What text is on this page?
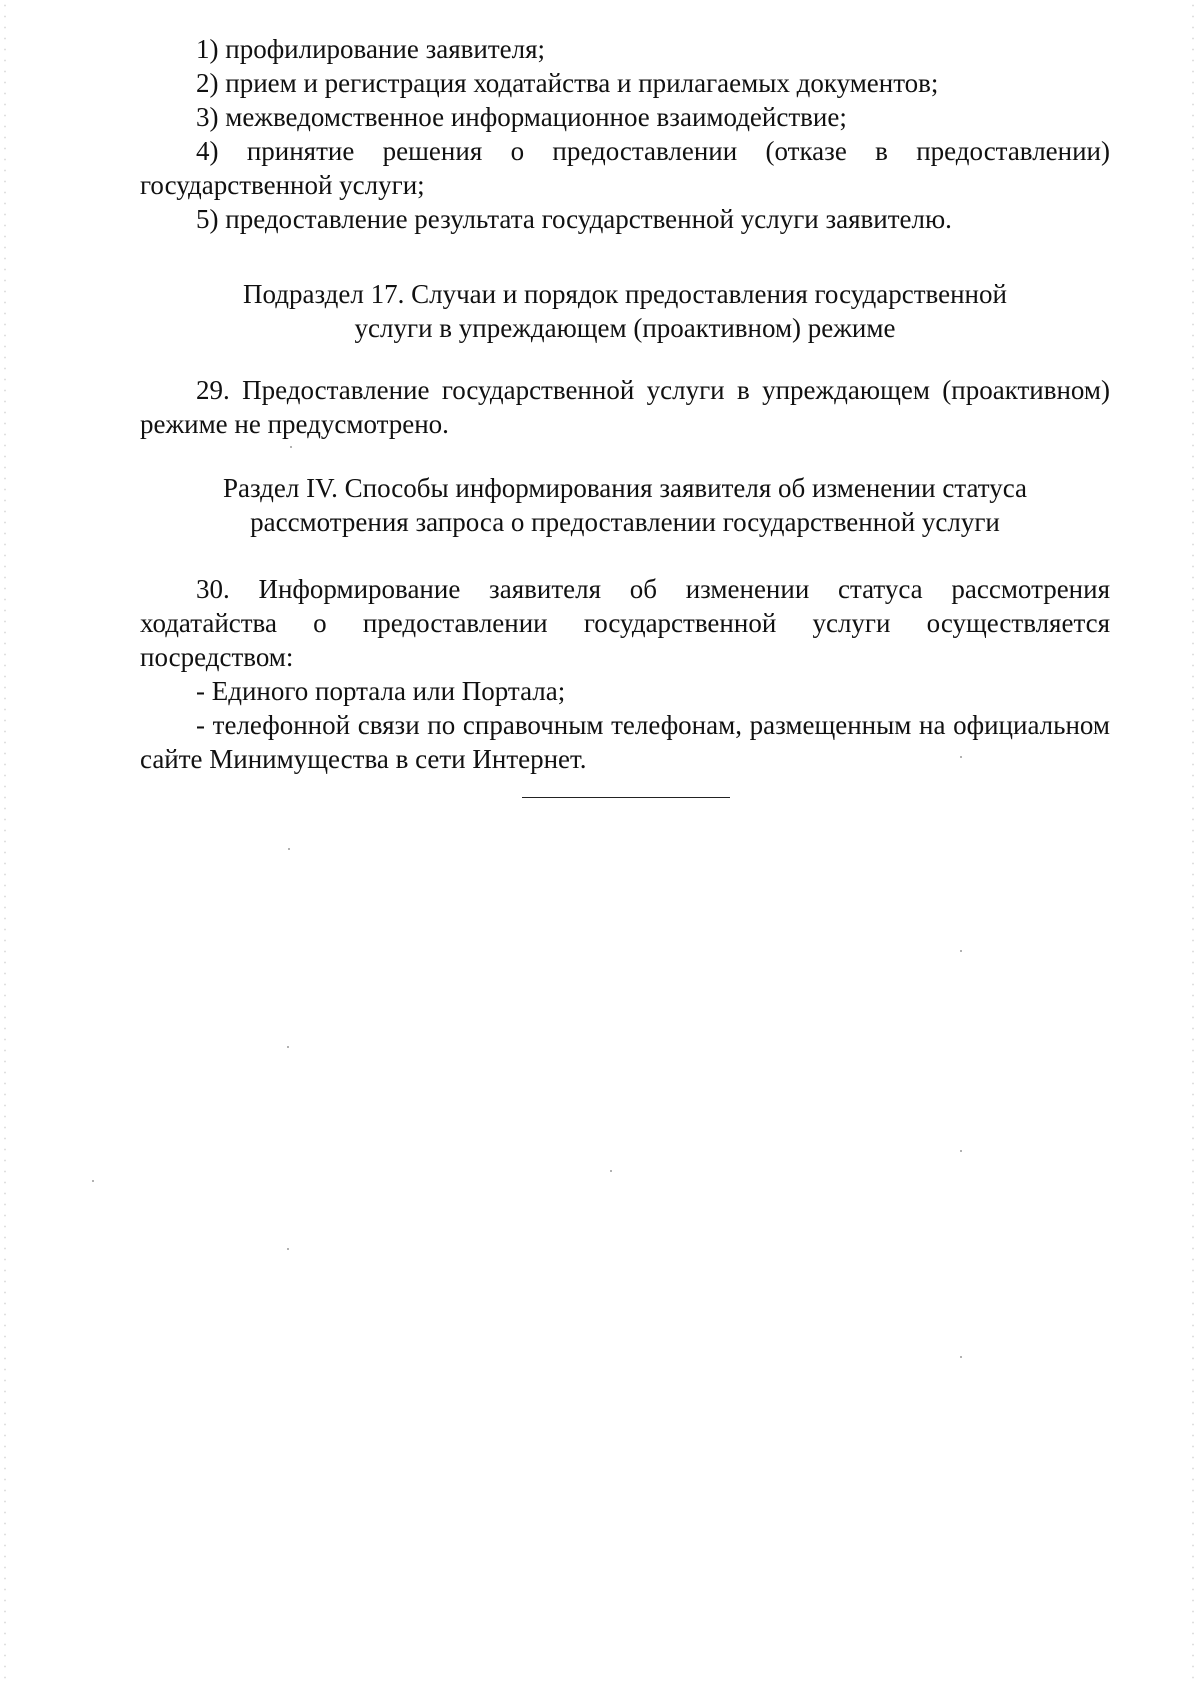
1) профилирование заявителя;

2) прием и регистрация ходатайства и прилагаемых документов;

3) межведомственное информационное взаимодействие;

4) принятие решения о предоставлении (отказе в предоставлении) государственной услуги;

5) предоставление результата государственной услуги заявителю.

Подраздел 17. Случаи и порядок предоставления государственной

услуги в упреждающем (проактивном) режиме

29. Предоставление государственной услуги в упреждающем (проактивном) режиме не предусмотрено.

Раздел IV. Способы информирования заявителя об изменении статуса

рассмотрения запроса о предоставлении государственной услуги

30. Информирование заявителя об изменении статуса рассмотрения ходатайства о предоставлении государственной услуги осуществляется посредством:

- Единого портала или Портала;

- телефонной связи по справочным телефонам, размещенным на официальном сайте Минимущества в сети Интернет.
